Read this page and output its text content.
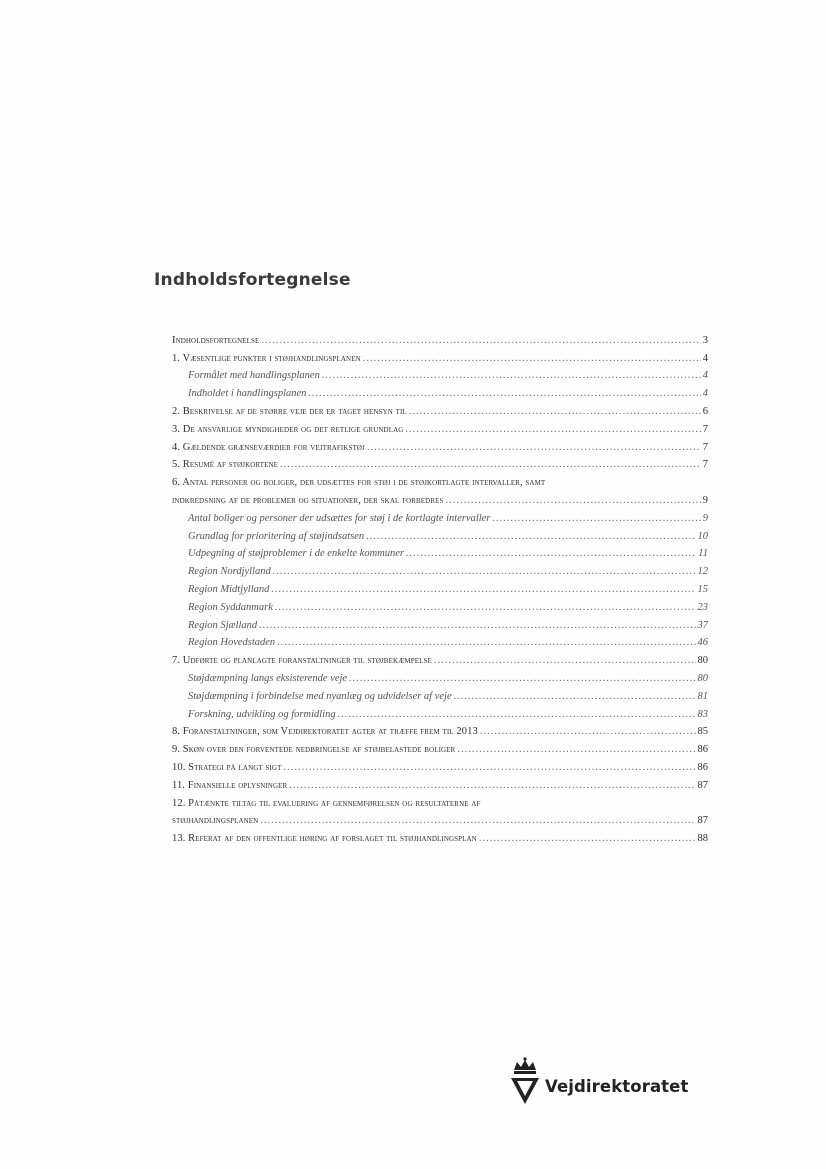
Indholdsfortegnelse
Indholdsfortegnelse .....	3
1. Væsentlige punkter i støjhandlingsplanen .....	4
Formålet med handlingsplanen .....	4
Indholdet i handlingsplanen .....	4
2. Beskrivelse af de større veje der er taget hensyn til .....	6
3. De ansvarlige myndigheder og det retlige grundlag .....	7
4. Gældende grænseværdier for vejtrafikstøj .....	7
5. Resumé af støjkortene .....	7
6. Antal personer og boliger, der udsættes for støj i de støjkortlagte intervaller, samt
indkredsning af de problemer og situationer, der skal forbedres .....	9
Antal boliger og personer der udsættes for støj i de kortlagte intervaller .....	9
Grundlag for prioritering af støjindsatsen .....	10
Udpegning af støjproblemer i de enkelte kommuner .....	11
Region Nordjylland .....	12
Region Midtjylland .....	15
Region Syddanmark .....	23
Region Sjælland .....	37
Region Hovedstaden .....	46
7. Udførte og planlagte foranstaltninger til støjbekæmpelse .....	80
Støjdæmpning langs eksisterende veje .....	80
Støjdæmpning i forbindelse med nyanlæg og udvidelser af veje .....	81
Forskning, udvikling og formidling .....	83
8. Foranstaltninger, som Vejdirektoratet agter at træffe frem til 2013 .....	85
9. Skøn over den forventede nedbringelse af støjbelastede boliger .....	86
10. Strategi på langt sigt .....	86
11. Finansielle oplysninger .....	87
12. Påtænkte tiltag til evaluering af gennemførelsen og resultaterne af
støjhandlingsplanen .....	87
13. Referat af den offentlige høring af forslaget til støjhandlingsplan .....	88
Vejdirektoratet
